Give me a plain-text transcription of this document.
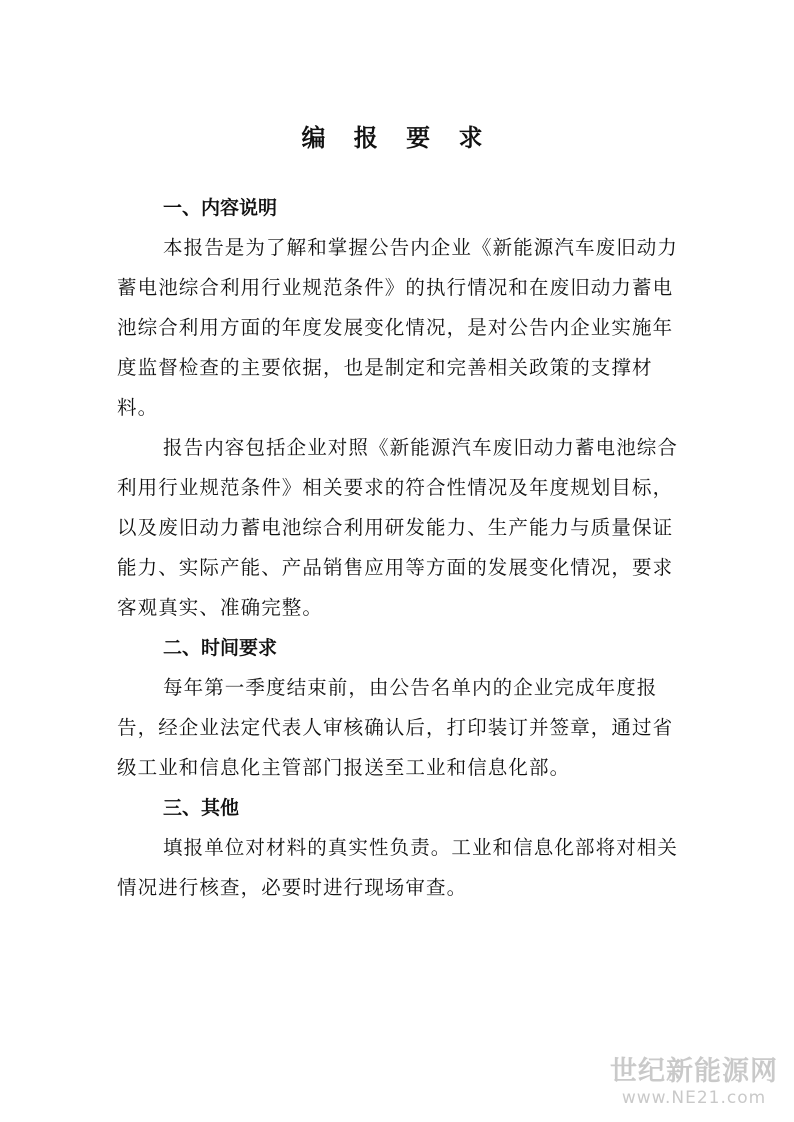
编 报 要 求
一、内容说明

本报告是为了解和掌握公告内企业《新能源汽车废旧动力蓄电池综合利用行业规范条件》的执行情况和在废旧动力蓄电池综合利用方面的年度发展变化情况，是对公告内企业实施年度监督检查的主要依据，也是制定和完善相关政策的支撑材料。

报告内容包括企业对照《新能源汽车废旧动力蓄电池综合利用行业规范条件》相关要求的符合性情况及年度规划目标，以及废旧动力蓄电池综合利用研发能力、生产能力与质量保证能力、实际产能、产品销售应用等方面的发展变化情况，要求客观真实、准确完整。

二、时间要求

每年第一季度结束前，由公告名单内的企业完成年度报告，经企业法定代表人审核确认后，打印装订并签章，通过省级工业和信息化主管部门报送至工业和信息化部。

三、其他

填报单位对材料的真实性负责。工业和信息化部将对相关情况进行核查，必要时进行现场审查。

世纪新能源网
www.NE21.com
